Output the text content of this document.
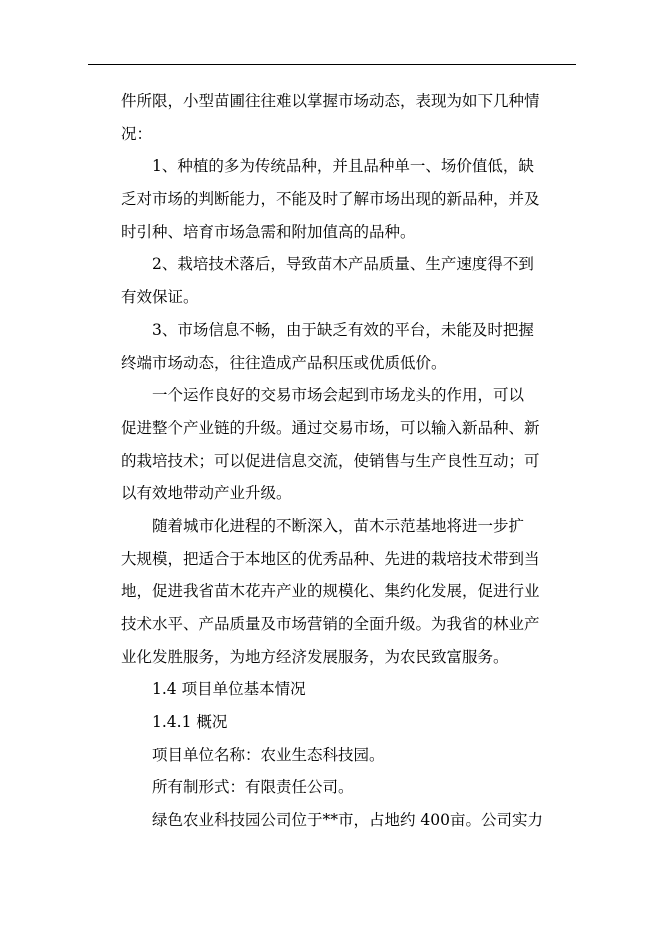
件所限，小型苗圃往往难以掌握市场动态，表现为如下几种情
况：
1、种植的多为传统品种，并且品种单一、场价值低，缺
乏对市场的判断能力，不能及时了解市场出现的新品种，并及
时引种、培育市场急需和附加值高的品种。
2、栽培技术落后，导致苗木产品质量、生产速度得不到
有效保证。
3、市场信息不畅，由于缺乏有效的平台，未能及时把握
终端市场动态，往往造成产品积压或优质低价。
一个运作良好的交易市场会起到市场龙头的作用，可以
促进整个产业链的升级。通过交易市场，可以输入新品种、新
的栽培技术；可以促进信息交流，使销售与生产良性互动；可
以有效地带动产业升级。
随着城市化进程的不断深入，苗木示范基地将进一步扩
大规模，把适合于本地区的优秀品种、先进的栽培技术带到当
地，促进我省苗木花卉产业的规模化、集约化发展，促进行业
技术水平、产品质量及市场营销的全面升级。为我省的林业产
业化发胜服务，为地方经济发展服务，为农民致富服务。
1.4 项目单位基本情况
1.4.1 概况
项目单位名称：农业生态科技园。
所有制形式：有限责任公司。
绿色农业科技园公司位于**市，占地约 400亩。公司实力
